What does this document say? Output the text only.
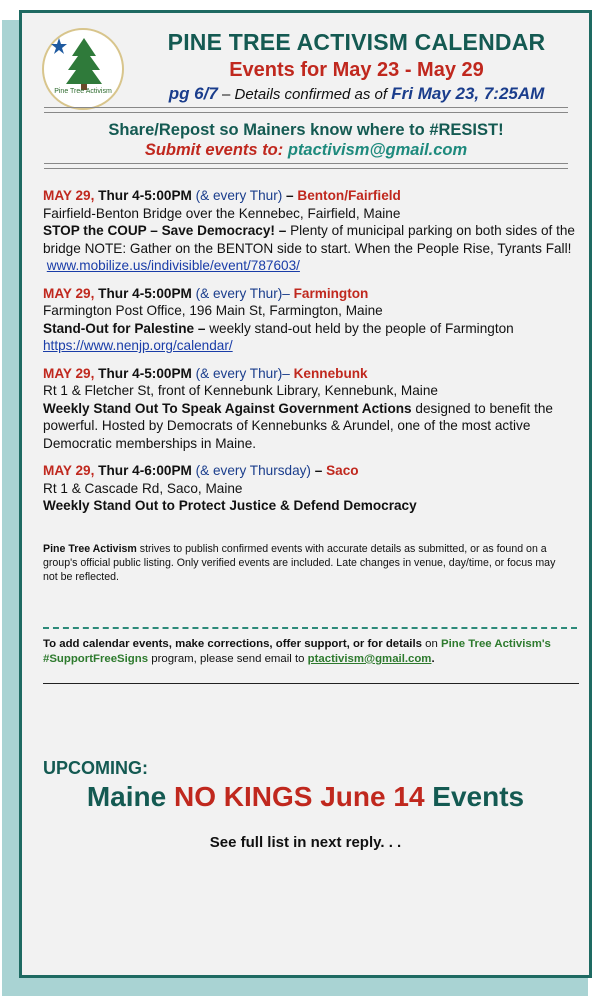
Pine Tree Activism
PINE TREE ACTIVISM CALENDAR
Events for May 23 - May 29
pg 6/7 – Details confirmed as of Fri May 23, 7:25AM
Share/Repost so Mainers know where to #RESIST!
Submit events to: ptactivism@gmail.com
MAY 29, Thur 4-5:00PM (& every Thur) – Benton/Fairfield
Fairfield-Benton Bridge over the Kennebec, Fairfield, Maine
STOP the COUP – Save Democracy! – Plenty of municipal parking on both sides of the bridge NOTE: Gather on the BENTON side to start. When the People Rise, Tyrants Fall!  www.mobilize.us/indivisible/event/787603/
MAY 29, Thur 4-5:00PM (& every Thur)– Farmington
Farmington Post Office, 196 Main St, Farmington, Maine
Stand-Out for Palestine – weekly stand-out held by the people of Farmington https://www.nenjp.org/calendar/
MAY 29, Thur 4-5:00PM (& every Thur)– Kennebunk
Rt 1 & Fletcher St, front of Kennebunk Library, Kennebunk, Maine
Weekly Stand Out To Speak Against Government Actions designed to benefit the powerful. Hosted by Democrats of Kennebunks & Arundel, one of the most active Democratic memberships in Maine.
MAY 29, Thur 4-6:00PM (& every Thursday) – Saco
Rt 1 & Cascade Rd, Saco, Maine
Weekly Stand Out to Protect Justice & Defend Democracy
Pine Tree Activism strives to publish confirmed events with accurate details as submitted, or as found on a group's official public listing. Only verified events are included. Late changes in venue, day/time, or focus may not be reflected.
To add calendar events, make corrections, offer support, or for details on Pine Tree Activism's #SupportFreeSigns program, please send email to ptactivism@gmail.com.
UPCOMING:
Maine NO KINGS June 14 Events
See full list in next reply. . .
